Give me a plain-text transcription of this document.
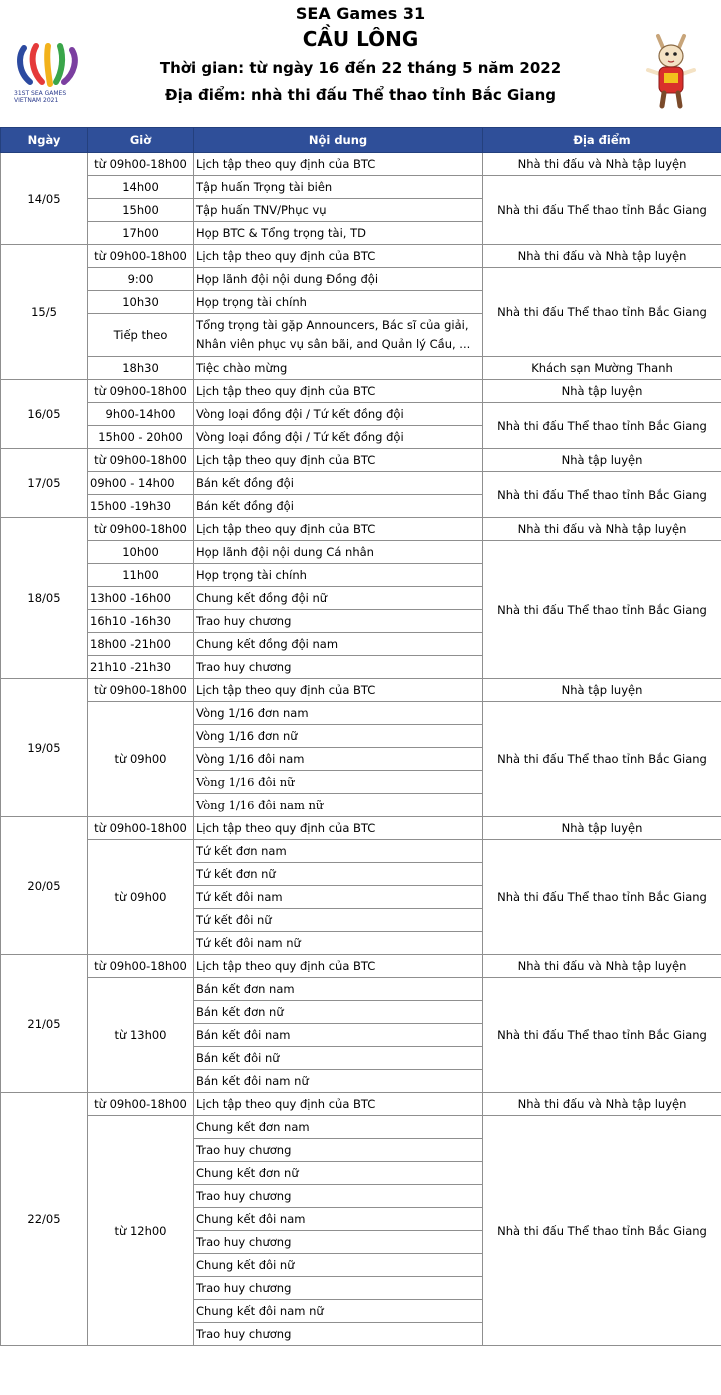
SEA Games 31
CẦU LÔNG
Thời gian: từ ngày 16 đến 22 tháng 5 năm 2022
Địa điểm: nhà thi đấu Thể thao tỉnh Bắc Giang
31ST SEA GAMES
VIETNAM 2021
Ngày	Giờ	Nội dung	Địa điểm
14/05	từ 09h00-18h00	Lịch tập theo quy định của BTC	Nhà thi đấu và Nhà tập luyện
	14h00	Tập huấn Trọng tài biên	Nhà thi đấu Thể thao tỉnh Bắc Giang
	15h00	Tập huấn TNV/Phục vụ	
	17h00	Họp BTC & Tổng trọng tài, TD	
15/5	từ 09h00-18h00	Lịch tập theo quy định của BTC	Nhà thi đấu và Nhà tập luyện
	9:00	Họp lãnh đội nội dung Đồng đội	Nhà thi đấu Thể thao tỉnh Bắc Giang
	10h30	Họp trọng tài chính	
	Tiếp theo	Tổng trọng tài gặp Announcers, Bác sĩ của giải, Nhân viên phục vụ sân bãi, and Quản lý Cầu, ...	
	18h30	Tiệc chào mừng	Khách sạn Mường Thanh
16/05	từ 09h00-18h00	Lịch tập theo quy định của BTC	Nhà tập luyện
	9h00-14h00	Vòng loại đồng đội / Tứ kết đồng đội	Nhà thi đấu Thể thao tỉnh Bắc Giang
	15h00 - 20h00	Vòng loại đồng đội / Tứ kết đồng đội	
17/05	từ 09h00-18h00	Lịch tập theo quy định của BTC	Nhà tập luyện
	09h00 - 14h00	Bán kết đồng đội	Nhà thi đấu Thể thao tỉnh Bắc Giang
	15h00 -19h30	Bán kết đồng đội	
18/05	từ 09h00-18h00	Lịch tập theo quy định của BTC	Nhà thi đấu và Nhà tập luyện
	10h00	Họp lãnh đội nội dung Cá nhân	Nhà thi đấu Thể thao tỉnh Bắc Giang
	11h00	Họp trọng tài chính	
	13h00 -16h00	Chung kết đồng đội nữ	
	16h10 -16h30	Trao huy chương	
	18h00 -21h00	Chung kết đồng đội nam	
	21h10 -21h30	Trao huy chương	
19/05	từ 09h00-18h00	Lịch tập theo quy định của BTC	Nhà tập luyện
	từ 09h00	Vòng 1/16 đơn nam	Nhà thi đấu Thể thao tỉnh Bắc Giang
		Vòng 1/16 đơn nữ	
		Vòng 1/16 đôi nam	
		Vòng 1/16 đôi nữ	
		Vòng 1/16 đôi nam nữ	
20/05	từ 09h00-18h00	Lịch tập theo quy định của BTC	Nhà tập luyện
	từ 09h00	Tứ kết đơn nam	Nhà thi đấu Thể thao tỉnh Bắc Giang
		Tứ kết đơn nữ	
		Tứ kết đôi nam	
		Tứ kết đôi nữ	
		Tứ kết đôi nam nữ	
21/05	từ 09h00-18h00	Lịch tập theo quy định của BTC	Nhà thi đấu và Nhà tập luyện
	từ 13h00	Bán kết đơn nam	Nhà thi đấu Thể thao tỉnh Bắc Giang
		Bán kết đơn nữ	
		Bán kết đôi nam	
		Bán kết đôi nữ	
		Bán kết đôi nam nữ	
22/05	từ 09h00-18h00	Lịch tập theo quy định của BTC	Nhà thi đấu và Nhà tập luyện
	từ 12h00	Chung kết đơn nam	Nhà thi đấu Thể thao tỉnh Bắc Giang
		Trao huy chương	
		Chung kết đơn nữ	
		Trao huy chương	
		Chung kết đôi nam	
		Trao huy chương	
		Chung kết đôi nữ	
		Trao huy chương	
		Chung kết đôi nam nữ	
		Trao huy chương	
